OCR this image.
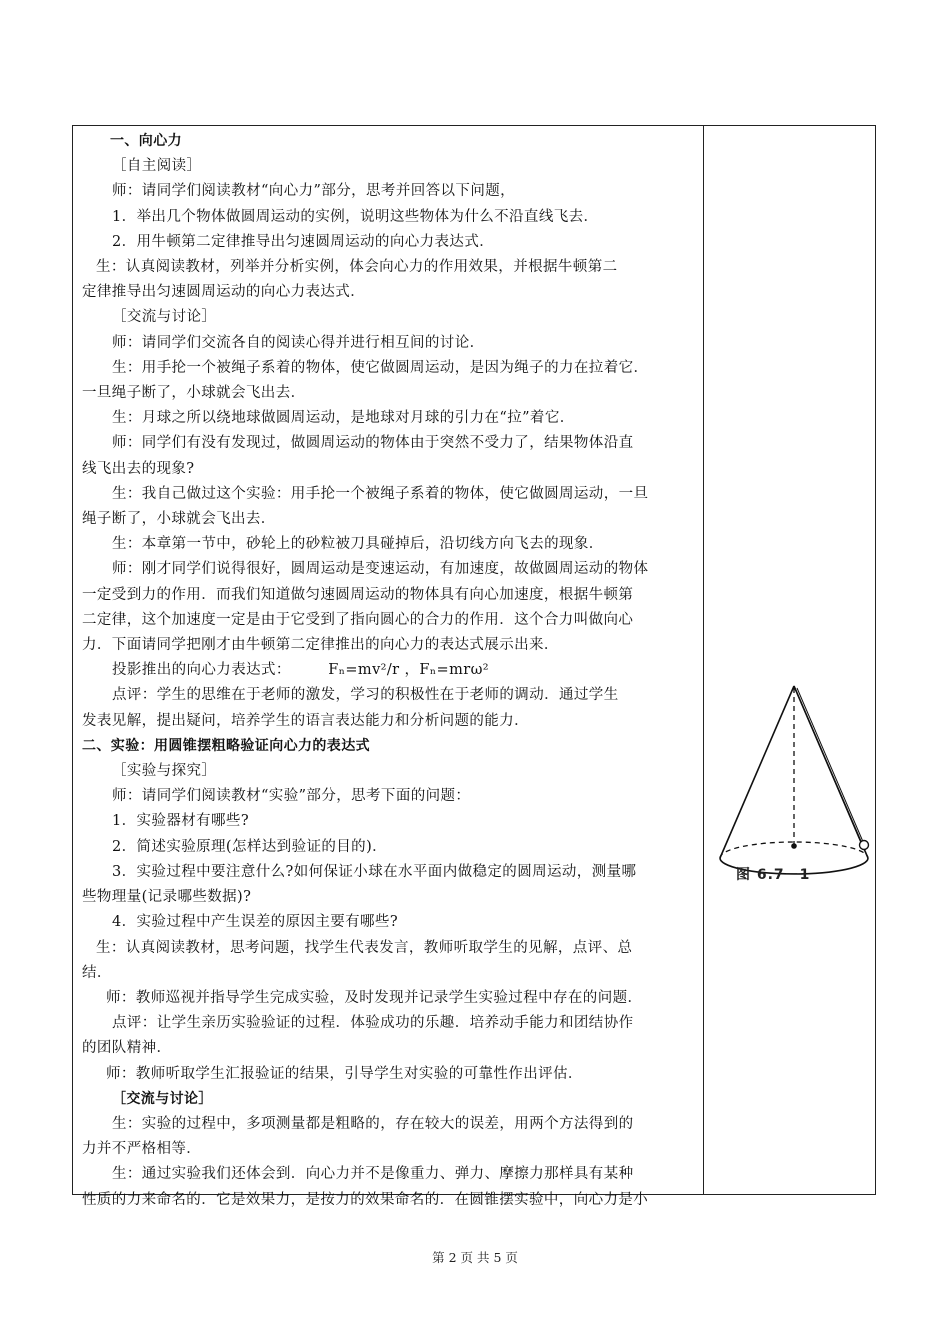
一、向心力

［自主阅读］

师：请同学们阅读教材“向心力”部分，思考并回答以下问题，

1．举出几个物体做圆周运动的实例，说明这些物体为什么不沿直线飞去．

2．用牛顿第二定律推导出匀速圆周运动的向心力表达式．

生：认真阅读教材，列举并分析实例，体会向心力的作用效果，并根据牛顿第二

定律推导出匀速圆周运动的向心力表达式．

［交流与讨论］

师：请同学们交流各自的阅读心得并进行相互间的讨论．

生：用手抡一个被绳子系着的物体，使它做圆周运动，是因为绳子的力在拉着它．

一旦绳子断了，小球就会飞出去．

生：月球之所以绕地球做圆周运动，是地球对月球的引力在“拉”着它．

师：同学们有没有发现过，做圆周运动的物体由于突然不受力了，结果物体沿直

线飞出去的现象?

生：我自己做过这个实验：用手抡一个被绳子系着的物体，使它做圆周运动，一旦

绳子断了，小球就会飞出去．

生：本章第一节中，砂轮上的砂粒被刀具碰掉后，沿切线方向飞去的现象．

师：刚才同学们说得很好，圆周运动是变速运动，有加速度，故做圆周运动的物体

一定受到力的作用．而我们知道做匀速圆周运动的物体具有向心加速度，根据牛顿第

二定律，这个加速度一定是由于它受到了指向圆心的合力的作用．这个合力叫做向心

力．下面请同学把刚才由牛顿第二定律推出的向心力的表达式展示出来．

投影推出的向心力表达式：　　　Fₙ=mv²/r ，Fₙ=mrω²

点评：学生的思维在于老师的激发，学习的积极性在于老师的调动．通过学生

发表见解，提出疑问，培养学生的语言表达能力和分析问题的能力．

二、实验：用圆锥摆粗略验证向心力的表达式

［实验与探究］

师：请同学们阅读教材“实验”部分，思考下面的问题：

1．实验器材有哪些?

2．简述实验原理(怎样达到验证的目的)．

3．实验过程中要注意什么?如何保证小球在水平面内做稳定的圆周运动，测量哪

些物理量(记录哪些数据)?

4．实验过程中产生误差的原因主要有哪些?

生：认真阅读教材，思考问题，找学生代表发言，教师听取学生的见解，点评、总

结．

师：教师巡视并指导学生完成实验，及时发现并记录学生实验过程中存在的问题．

点评：让学生亲历实验验证的过程．体验成功的乐趣．培养动手能力和团结协作

的团队精神．

师：教师听取学生汇报验证的结果，引导学生对实验的可靠性作出评估．

［交流与讨论］

生：实验的过程中，多项测量都是粗略的，存在较大的误差，用两个方法得到的

力并不严格相等．

生：通过实验我们还体会到．向心力并不是像重力、弹力、摩擦力那样具有某种

性质的力来命名的．它是效果力，是按力的效果命名的．在圆锥摆实验中，向心力是小

图 6.7－1
第 2 页 共 5 页
